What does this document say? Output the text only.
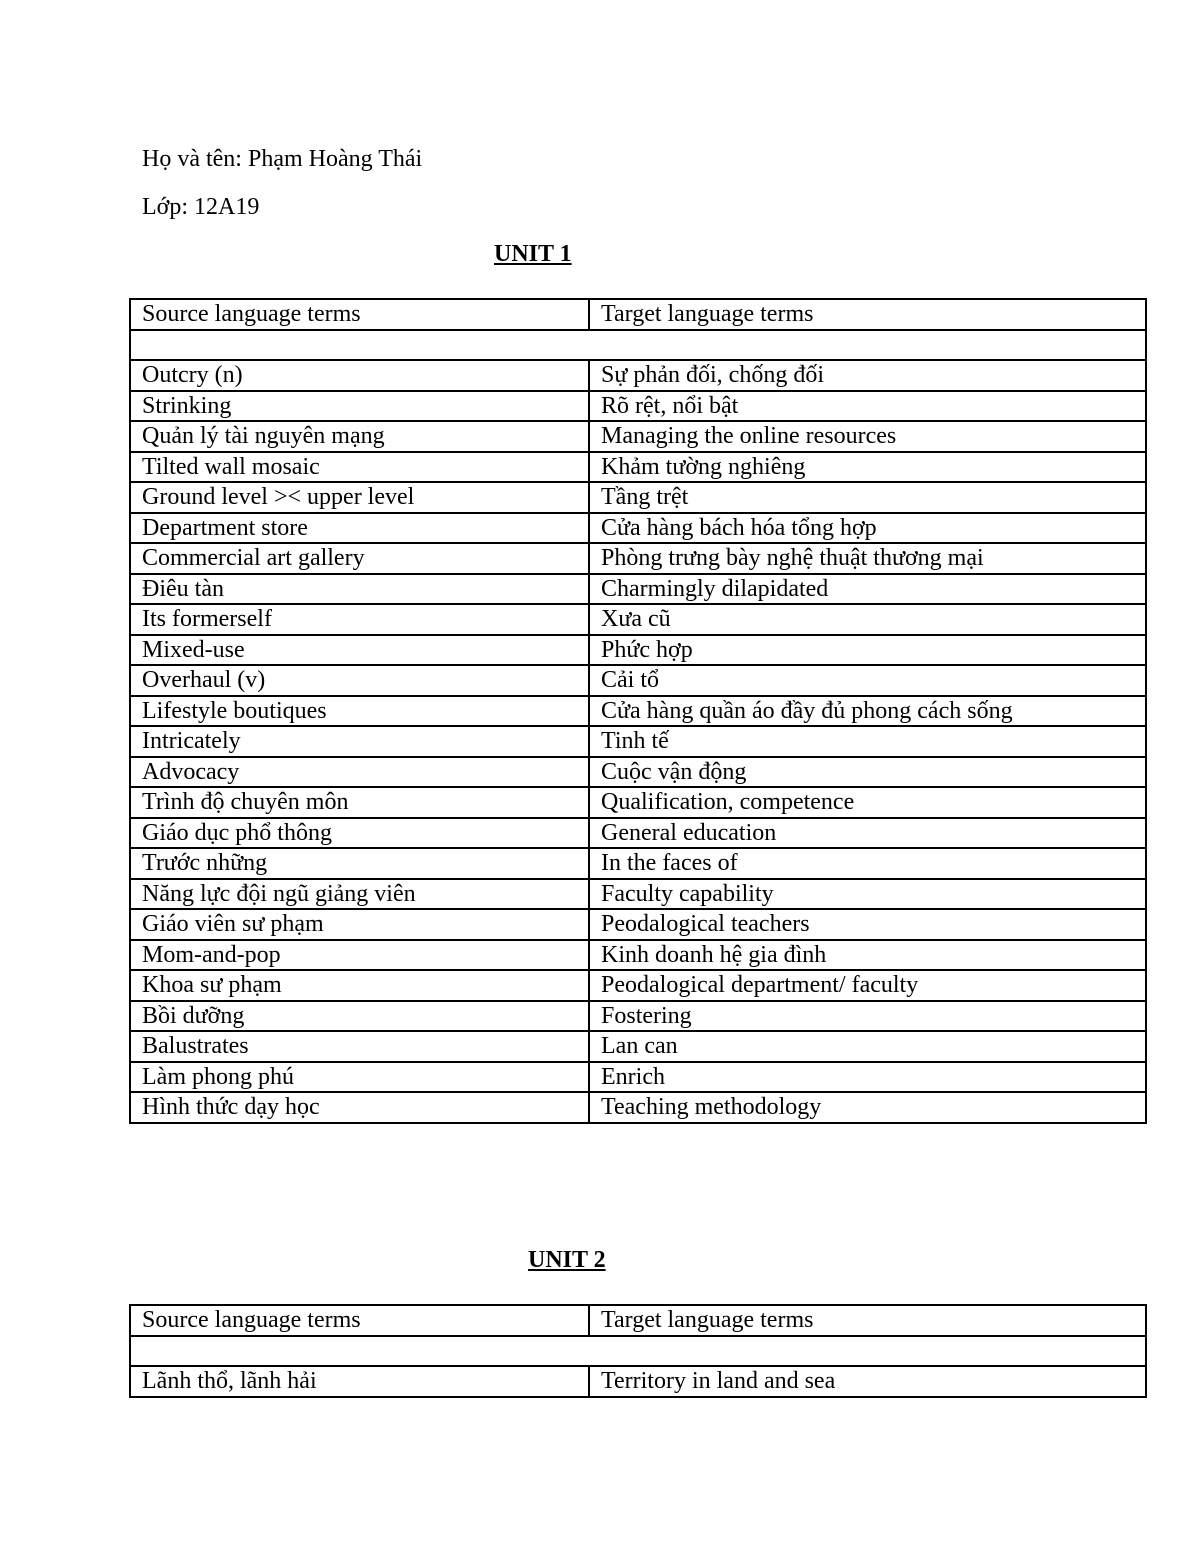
Họ và tên: Phạm Hoàng Thái
Lớp: 12A19
UNIT 1
Source language terms	Target language terms

Outcry (n)	Sự phản đối, chống đối
Strinking	Rõ rệt, nổi bật
Quản lý tài nguyên mạng	Managing the online resources
Tilted wall mosaic	Khảm tường nghiêng
Ground level >< upper level	Tầng trệt
Department store	Cửa hàng bách hóa tổng hợp
Commercial art gallery	Phòng trưng bày nghệ thuật thương mại
Điêu tàn	Charmingly dilapidated
Its formerself	Xưa cũ
Mixed-use	Phức hợp
Overhaul (v)	Cải tổ
Lifestyle boutiques	Cửa hàng quần áo đầy đủ phong cách sống
Intricately	Tinh tế
Advocacy	Cuộc vận động
Trình độ chuyên môn	Qualification, competence
Giáo dục phổ thông	General education
Trước những	In the faces of
Năng lực đội ngũ giảng viên	Faculty capability
Giáo viên sư phạm	Peodalogical teachers
Mom-and-pop	Kinh doanh hệ gia đình
Khoa sư phạm	Peodalogical department/ faculty
Bồi dưỡng	Fostering
Balustrates	Lan can
Làm phong phú	Enrich
Hình thức dạy học	Teaching methodology
UNIT 2
Source language terms	Target language terms

Lãnh thổ, lãnh hải	Territory in land and sea
